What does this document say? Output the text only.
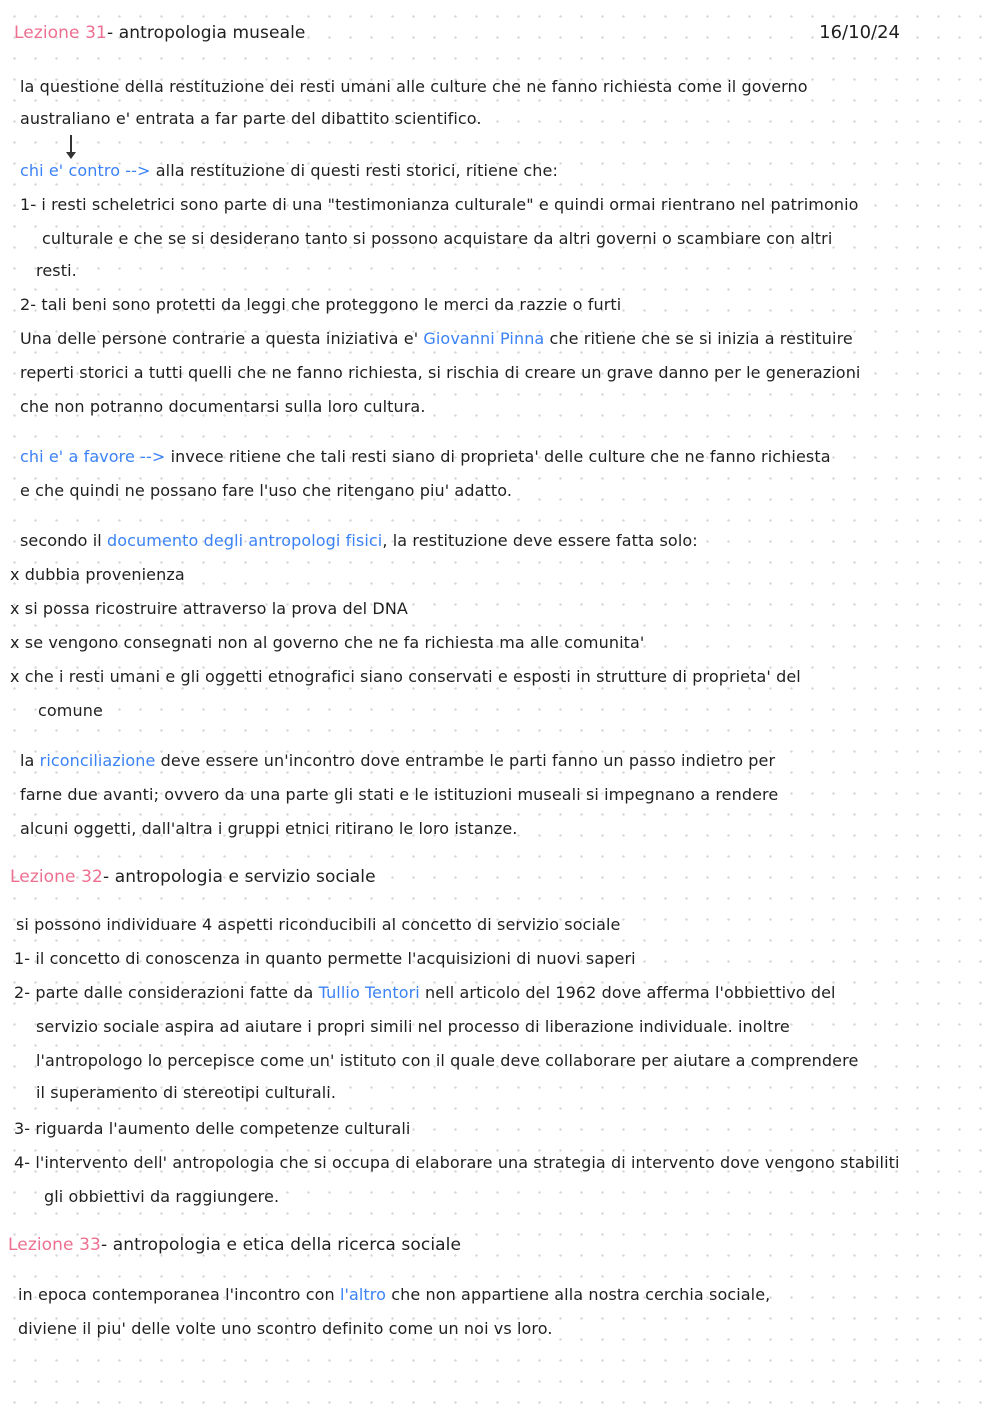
Lezione 31- antropologia museale	16/10/24
la questione della restituzione dei resti umani alle culture che ne fanno richiesta come il governo
australiano e' entrata a far parte del dibattito scientifico.
chi e' contro --> alla restituzione di questi resti storici, ritiene che:
1- i resti scheletrici sono parte di una "testimonianza culturale" e quindi ormai rientrano nel patrimonio
culturale e che se si desiderano tanto si possono acquistare da altri governi o scambiare con altri
resti.
2- tali beni sono protetti da leggi che proteggono le merci da razzie o furti
Una delle persone contrarie a questa iniziativa e' Giovanni Pinna che ritiene che se si inizia a restituire
reperti storici a tutti quelli che ne fanno richiesta, si rischia di creare un grave danno per le generazioni
che non potranno documentarsi sulla loro cultura.
chi e' a favore --> invece ritiene che tali resti siano di proprieta' delle culture che ne fanno richiesta
e che quindi ne possano fare l'uso che ritengano piu' adatto.
secondo il documento degli antropologi fisici, la restituzione deve essere fatta solo:
x dubbia provenienza
x si possa ricostruire attraverso la prova del DNA
x se vengono consegnati non al governo che ne fa richiesta ma alle comunita'
x che i resti umani e gli oggetti etnografici siano conservati e esposti in strutture di proprieta' del
comune
la riconciliazione deve essere un'incontro dove entrambe le parti fanno un passo indietro per
farne due avanti; ovvero da una parte gli stati e le istituzioni museali si impegnano a rendere
alcuni oggetti, dall'altra i gruppi etnici ritirano le loro istanze.
Lezione 32- antropologia e servizio sociale
si possono individuare 4 aspetti riconducibili al concetto di servizio sociale
1- il concetto di conoscenza in quanto permette l'acquisizioni di nuovi saperi
2- parte dalle considerazioni fatte da Tullio Tentori nell articolo del 1962 dove afferma l'obbiettivo del
servizio sociale aspira ad aiutare i propri simili nel processo di liberazione individuale. inoltre
l'antropologo lo percepisce come un' istituto con il quale deve collaborare per aiutare a comprendere
il superamento di stereotipi culturali.
3- riguarda l'aumento delle competenze culturali
4- l'intervento dell' antropologia che si occupa di elaborare una strategia di intervento dove vengono stabiliti
gli obbiettivi da raggiungere.
Lezione 33- antropologia e etica della ricerca sociale
in epoca contemporanea l'incontro con l'altro che non appartiene alla nostra cerchia sociale,
diviene il piu' delle volte uno scontro definito come un noi vs loro.
